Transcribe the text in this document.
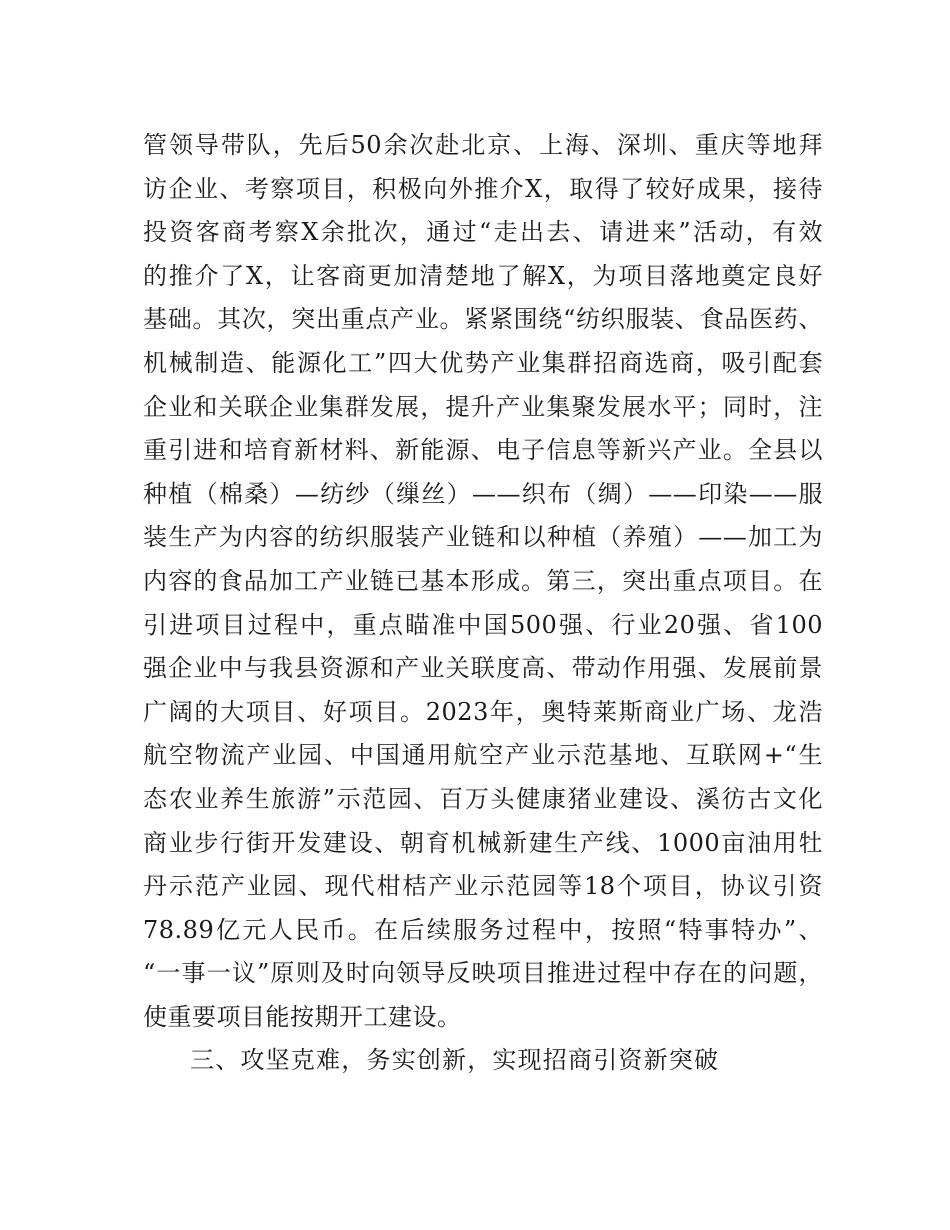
管领导带队，先后50余次赴北京、上海、深圳、重庆等地拜
访企业、考察项目，积极向外推介X，取得了较好成果，接待
投资客商考察X余批次，通过“走出去、请进来”活动，有效
的推介了X，让客商更加清楚地了解X，为项目落地奠定良好
基础。其次，突出重点产业。紧紧围绕“纺织服装、食品医药、
机械制造、能源化工”四大优势产业集群招商选商，吸引配套
企业和关联企业集群发展，提升产业集聚发展水平；同时，注
重引进和培育新材料、新能源、电子信息等新兴产业。全县以
种植（棉桑）—纺纱（缫丝）——织布（绸）——印染——服
装生产为内容的纺织服装产业链和以种植（养殖）——加工为
内容的食品加工产业链已基本形成。第三，突出重点项目。在
引进项目过程中，重点瞄准中国500强、行业20强、省100
强企业中与我县资源和产业关联度高、带动作用强、发展前景
广阔的大项目、好项目。2023年，奥特莱斯商业广场、龙浩
航空物流产业园、中国通用航空产业示范基地、互联网+“生
态农业养生旅游”示范园、百万头健康猪业建设、溪彷古文化
商业步行街开发建设、朝育机械新建生产线、1000亩油用牡
丹示范产业园、现代柑桔产业示范园等18个项目，协议引资
78.89亿元人民币。在后续服务过程中，按照“特事特办”、
“一事一议”原则及时向领导反映项目推进过程中存在的问题，
使重要项目能按期开工建设。
三、攻坚克难，务实创新，实现招商引资新突破
